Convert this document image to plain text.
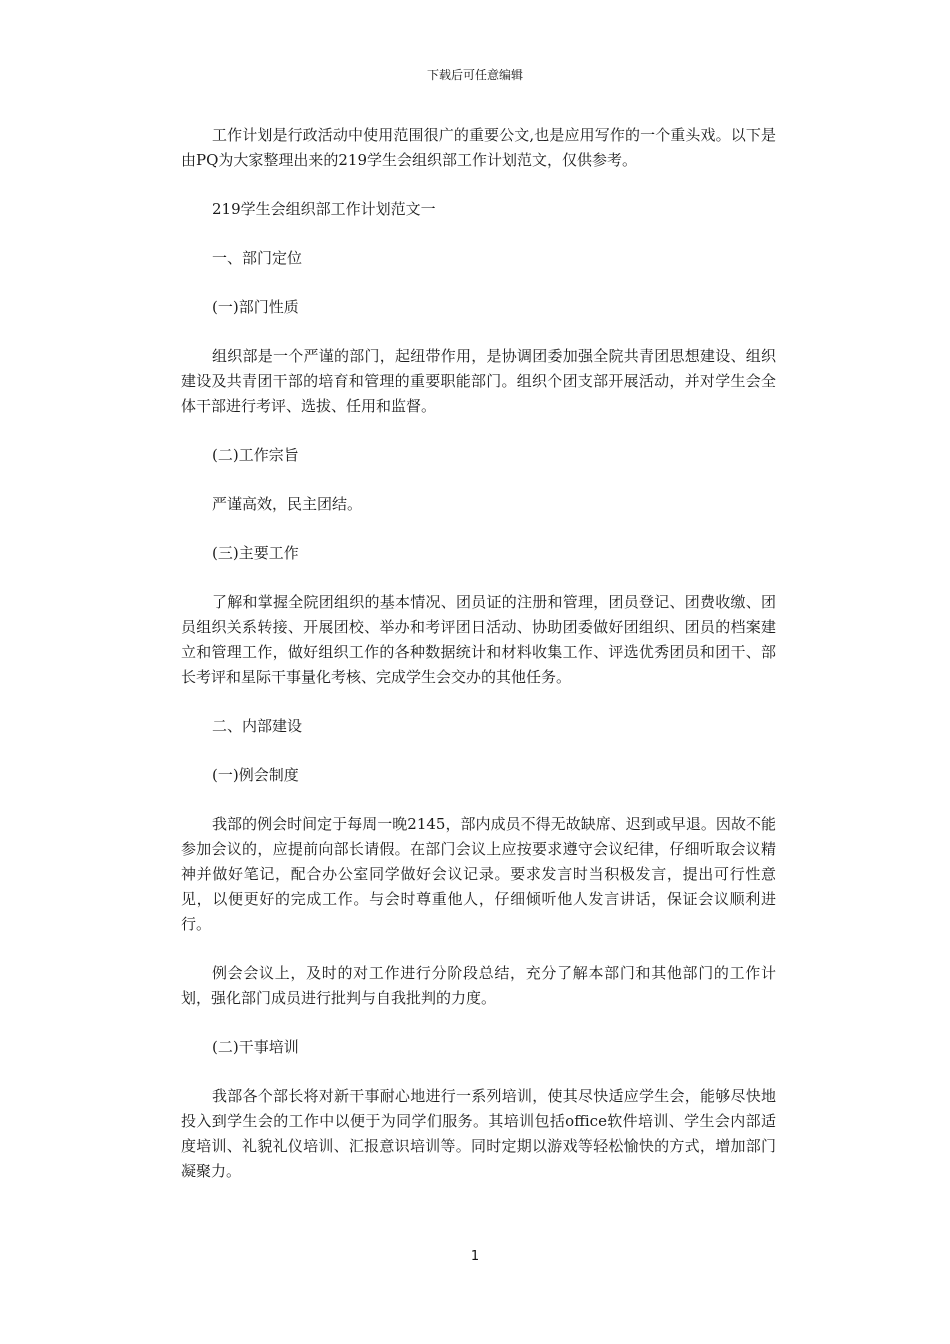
下载后可任意编辑

工作计划是行政活动中使用范围很广的重要公文,也是应用写作的一个重头戏。以下是由PQ为大家整理出来的219学生会组织部工作计划范文，仅供参考。

219学生会组织部工作计划范文一

一、部门定位

(一)部门性质

组织部是一个严谨的部门，起纽带作用，是协调团委加强全院共青团思想建设、组织建设及共青团干部的培育和管理的重要职能部门。组织个团支部开展活动，并对学生会全体干部进行考评、选拔、任用和监督。

(二)工作宗旨

严谨高效，民主团结。

(三)主要工作

了解和掌握全院团组织的基本情况、团员证的注册和管理，团员登记、团费收缴、团员组织关系转接、开展团校、举办和考评团日活动、协助团委做好团组织、团员的档案建立和管理工作，做好组织工作的各种数据统计和材料收集工作、评选优秀团员和团干、部长考评和星际干事量化考核、完成学生会交办的其他任务。

二、内部建设

(一)例会制度

我部的例会时间定于每周一晚2145，部内成员不得无故缺席、迟到或早退。因故不能参加会议的，应提前向部长请假。在部门会议上应按要求遵守会议纪律，仔细听取会议精神并做好笔记，配合办公室同学做好会议记录。要求发言时当积极发言，提出可行性意见，以便更好的完成工作。与会时尊重他人，仔细倾听他人发言讲话，保证会议顺利进行。

例会会议上，及时的对工作进行分阶段总结，充分了解本部门和其他部门的工作计划，强化部门成员进行批判与自我批判的力度。

(二)干事培训

我部各个部长将对新干事耐心地进行一系列培训，使其尽快适应学生会，能够尽快地投入到学生会的工作中以便于为同学们服务。其培训包括office软件培训、学生会内部适度培训、礼貌礼仪培训、汇报意识培训等。同时定期以游戏等轻松愉快的方式，增加部门凝聚力。

1
